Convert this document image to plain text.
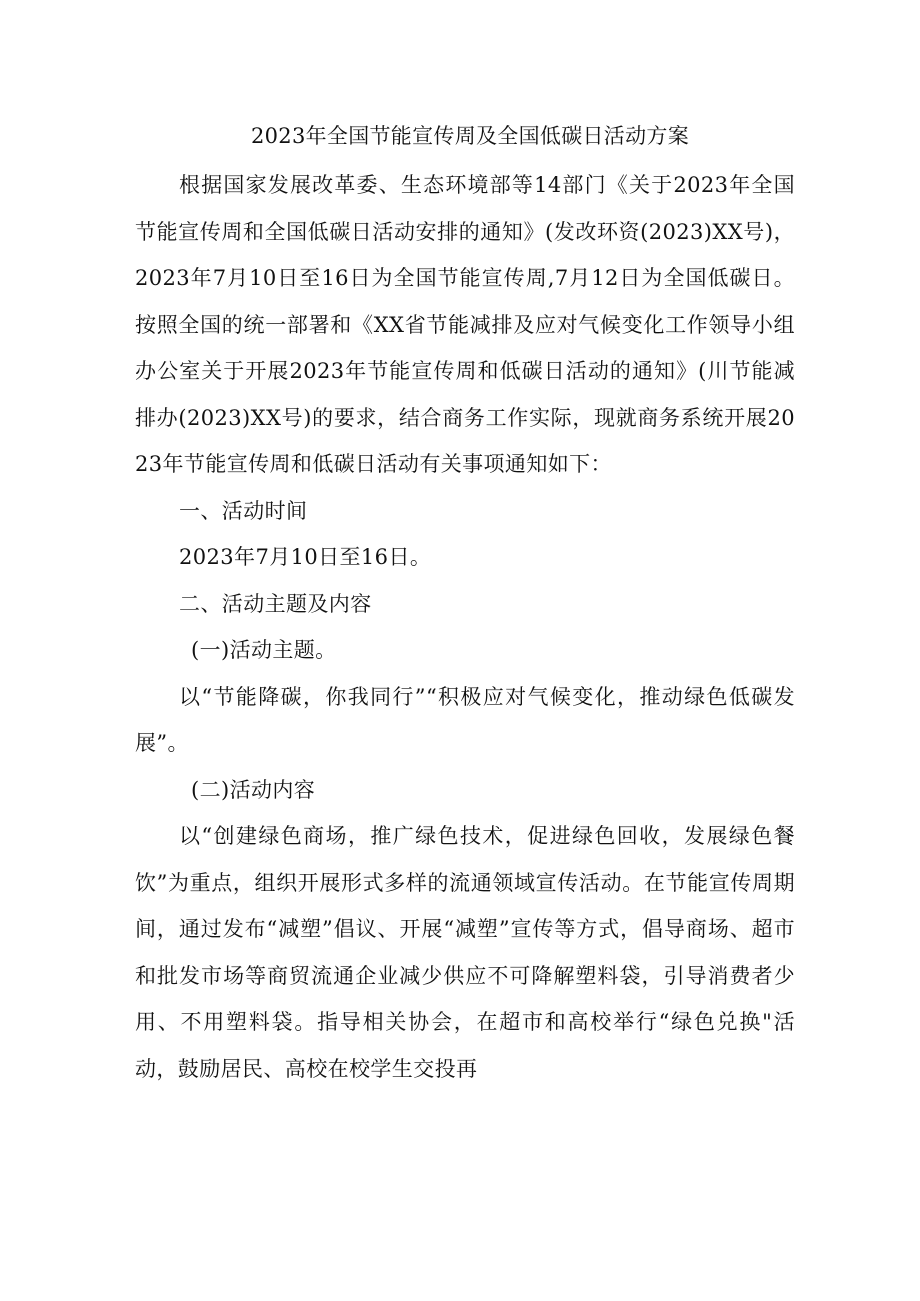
2023年全国节能宣传周及全国低碳日活动方案

根据国家发展改革委、生态环境部等14部门《关于2023年全国节能宣传周和全国低碳日活动安排的通知》(发改环资(2023)XX号)，2023年7月10日至16日为全国节能宣传周,7月12日为全国低碳日。按照全国的统一部署和《XX省节能减排及应对气候变化工作领导小组办公室关于开展2023年节能宣传周和低碳日活动的通知》(川节能减排办(2023)XX号)的要求，结合商务工作实际，现就商务系统开展2023年节能宣传周和低碳日活动有关事项通知如下：

一、活动时间

2023年7月10日至16日。

二、活动主题及内容

(一)活动主题。

以“节能降碳，你我同行”“积极应对气候变化，推动绿色低碳发展”。

(二)活动内容

以“创建绿色商场，推广绿色技术，促进绿色回收，发展绿色餐饮”为重点，组织开展形式多样的流通领域宣传活动。在节能宣传周期间，通过发布“减塑”倡议、开展“减塑”宣传等方式，倡导商场、超市和批发市场等商贸流通企业减少供应不可降解塑料袋，引导消费者少用、不用塑料袋。指导相关协会，在超市和高校举行“绿色兑换"活动，鼓励居民、高校在校学生交投再
